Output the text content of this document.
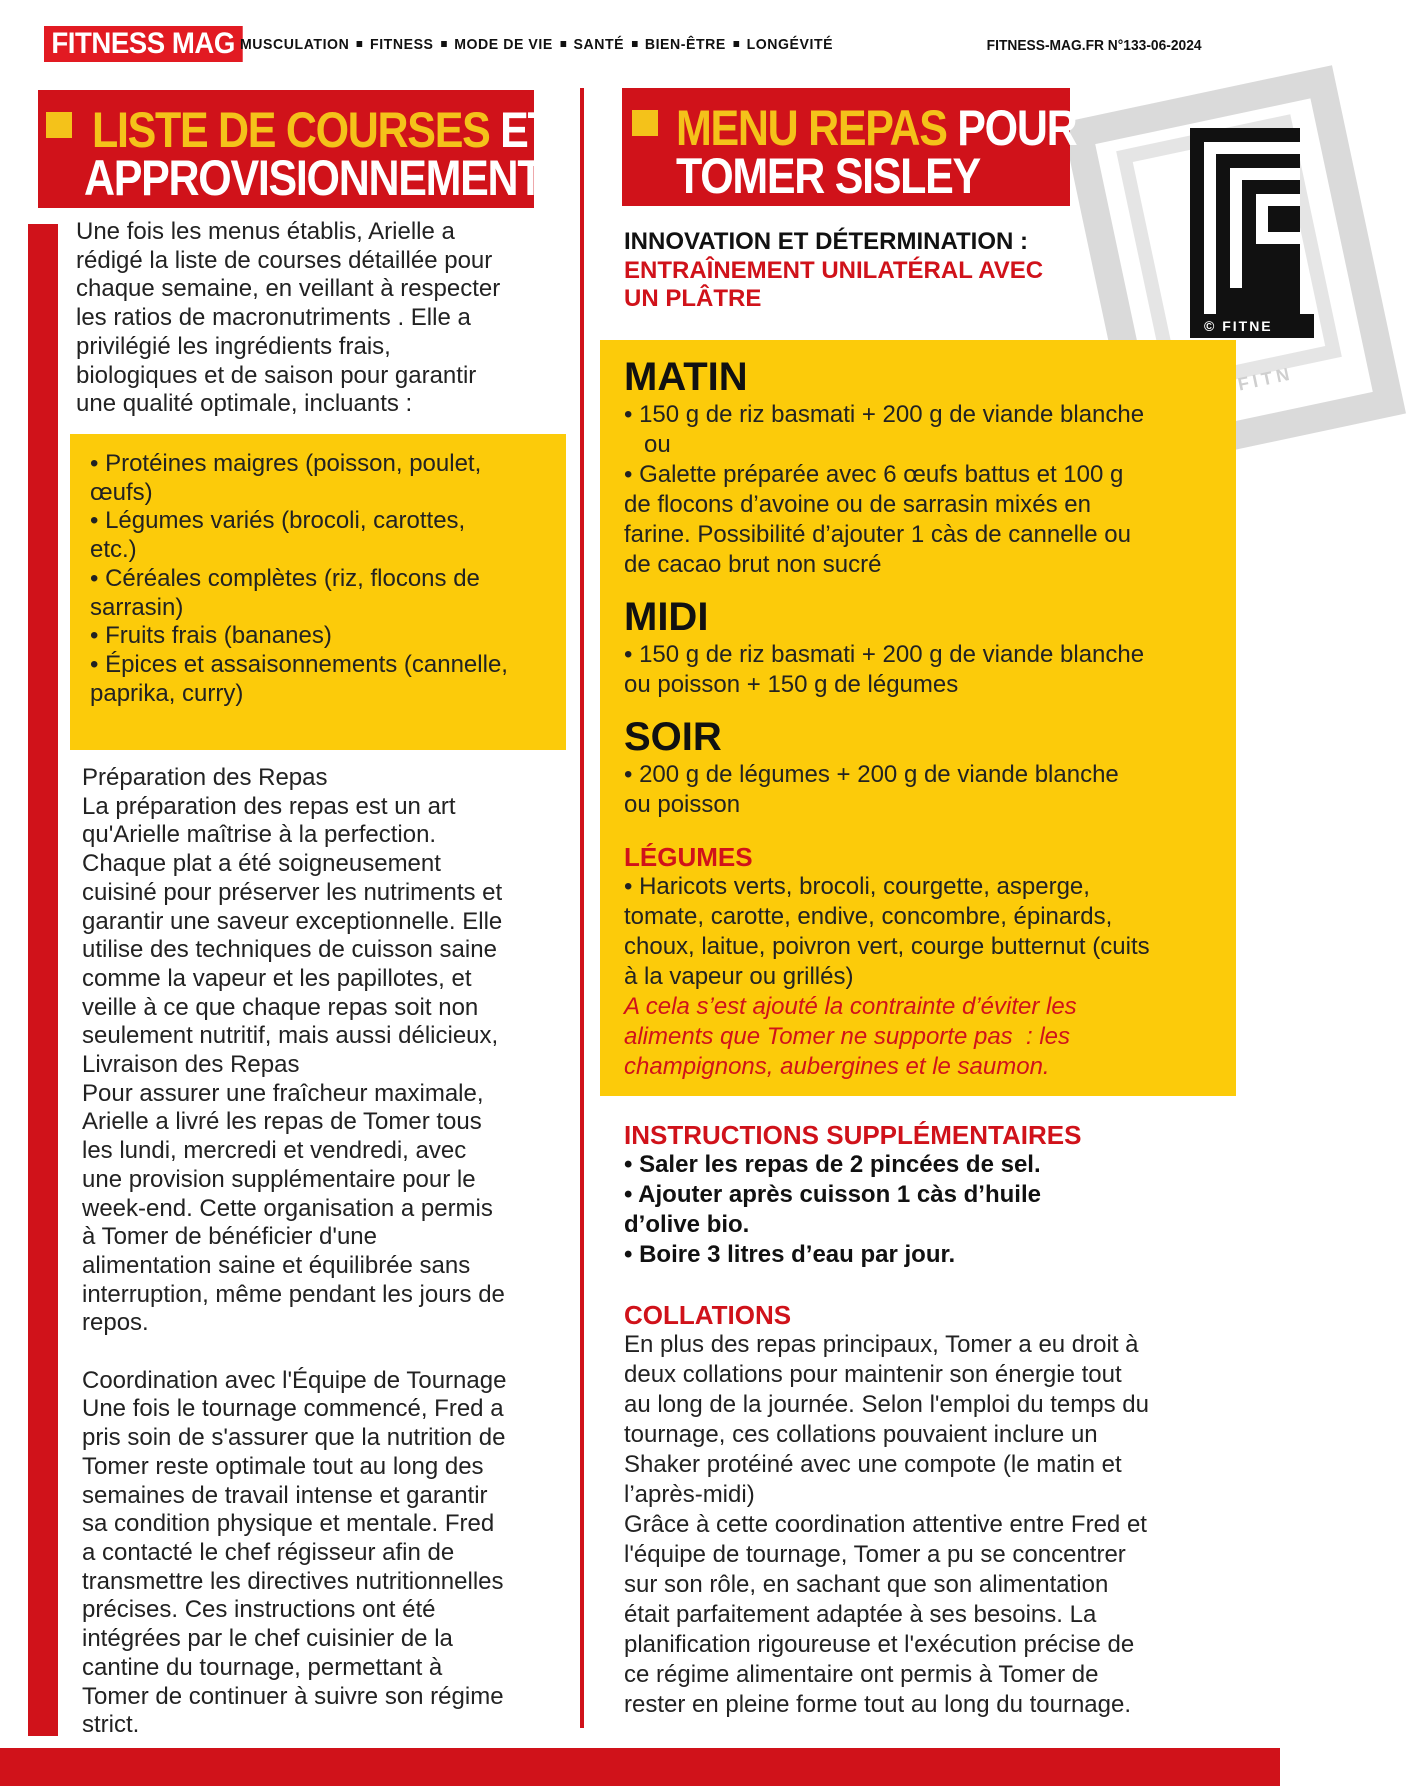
FITNESS MAG MUSCULATION FITNESS MODE DE VIE SANTÉ BIEN-ÊTRE LONGÉVITÉ	FITNESS-MAG.FR N°133-06-2024
© FITNE
FITN
LISTE DE COURSES ET
APPROVISIONNEMENT
Une fois les menus établis, Arielle a
rédigé la liste de courses détaillée pour
chaque semaine, en veillant à respecter
les ratios de macronutriments . Elle a
privilégié les ingrédients frais,
biologiques et de saison pour garantir
une qualité optimale, incluants :
• Protéines maigres (poisson, poulet,
œufs)
• Légumes variés (brocoli, carottes,
etc.)
• Céréales complètes (riz, flocons de
sarrasin)
• Fruits frais (bananes)
• Épices et assaisonnements (cannelle,
paprika, curry)
Préparation des Repas
La préparation des repas est un art
qu'Arielle maîtrise à la perfection.
Chaque plat a été soigneusement
cuisiné pour préserver les nutriments et
garantir une saveur exceptionnelle. Elle
utilise des techniques de cuisson saine
comme la vapeur et les papillotes, et
veille à ce que chaque repas soit non
seulement nutritif, mais aussi délicieux,
Livraison des Repas
Pour assurer une fraîcheur maximale,
Arielle a livré les repas de Tomer tous
les lundi, mercredi et vendredi, avec
une provision supplémentaire pour le
week-end. Cette organisation a permis
à Tomer de bénéficier d'une
alimentation saine et équilibrée sans
interruption, même pendant les jours de
repos.

Coordination avec l'Équipe de Tournage
Une fois le tournage commencé, Fred a
pris soin de s'assurer que la nutrition de
Tomer reste optimale tout au long des
semaines de travail intense et garantir
sa condition physique et mentale. Fred
a contacté le chef régisseur afin de
transmettre les directives nutritionnelles
précises. Ces instructions ont été
intégrées par le chef cuisinier de la
cantine du tournage, permettant à
Tomer de continuer à suivre son régime
strict.
MENU REPAS POUR
TOMER SISLEY
INNOVATION ET DÉTERMINATION :
ENTRAÎNEMENT UNILATÉRAL AVEC
UN PLÂTRE
MATIN
• 150 g de riz basmati + 200 g de viande blanche
ou
• Galette préparée avec 6 œufs battus et 100 g
de flocons d’avoine ou de sarrasin mixés en
farine. Possibilité d’ajouter 1 càs de cannelle ou
de cacao brut non sucré
MIDI
• 150 g de riz basmati + 200 g de viande blanche
ou poisson + 150 g de légumes
SOIR
• 200 g de légumes + 200 g de viande blanche
ou poisson
LÉGUMES
• Haricots verts, brocoli, courgette, asperge,
tomate, carotte, endive, concombre, épinards,
choux, laitue, poivron vert, courge butternut (cuits
à la vapeur ou grillés)
A cela s’est ajouté la contrainte d’éviter les
aliments que Tomer ne supporte pas  : les
champignons, aubergines et le saumon.
INSTRUCTIONS SUPPLÉMENTAIRES
• Saler les repas de 2 pincées de sel.
• Ajouter après cuisson 1 càs d’huile
d’olive bio.
• Boire 3 litres d’eau par jour.
COLLATIONS
En plus des repas principaux, Tomer a eu droit à
deux collations pour maintenir son énergie tout
au long de la journée. Selon l'emploi du temps du
tournage, ces collations pouvaient inclure un
Shaker protéiné avec une compote (le matin et
l’après-midi)
Grâce à cette coordination attentive entre Fred et
l'équipe de tournage, Tomer a pu se concentrer
sur son rôle, en sachant que son alimentation
était parfaitement adaptée à ses besoins. La
planification rigoureuse et l'exécution précise de
ce régime alimentaire ont permis à Tomer de
rester en pleine forme tout au long du tournage.
